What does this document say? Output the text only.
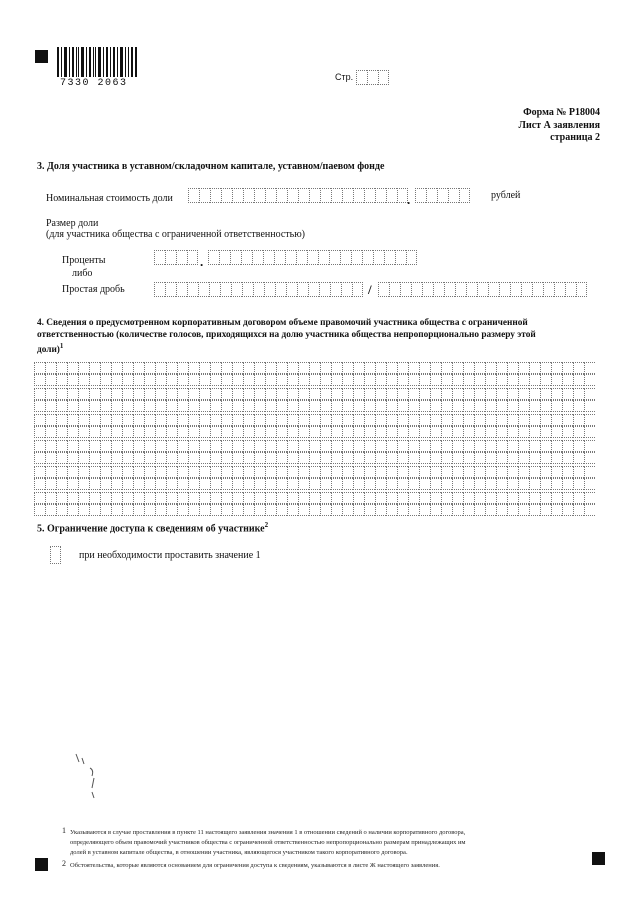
7330 2063
Стр.
Форма № Р18004
Лист А заявления
страница 2
3. Доля участника в уставном/складочном капитале, уставном/паевом фонде
Номинальная стоимость доли	.	рублей
Размер доли
(для участника общества с ограниченной ответственностью)
Проценты
либо
.
Простая дробь	/
4. Сведения о предусмотренном корпоративным договором объеме правомочий участника общества с ограниченной
ответственностью (количестве голосов, приходящихся на долю участника общества непропорционально размеру этой
доли)$^1$
5. Ограничение доступа к сведениям об участнике$^2$
при необходимости проставить значение 1
1 Указываются в случае проставления в пункте 11 настоящего заявления значения 1 в отношении сведений о наличии корпоративного договора,
определяющего объем правомочий участников общества с ограниченной ответственностью непропорционально размерам принадлежащих им
долей в уставном капитале общества, в отношении участника, являющегося участником такого корпоративного договора.
2 Обстоятельства, которые являются основанием для ограничения доступа к сведениям, указываются в листе Ж настоящего заявления.
